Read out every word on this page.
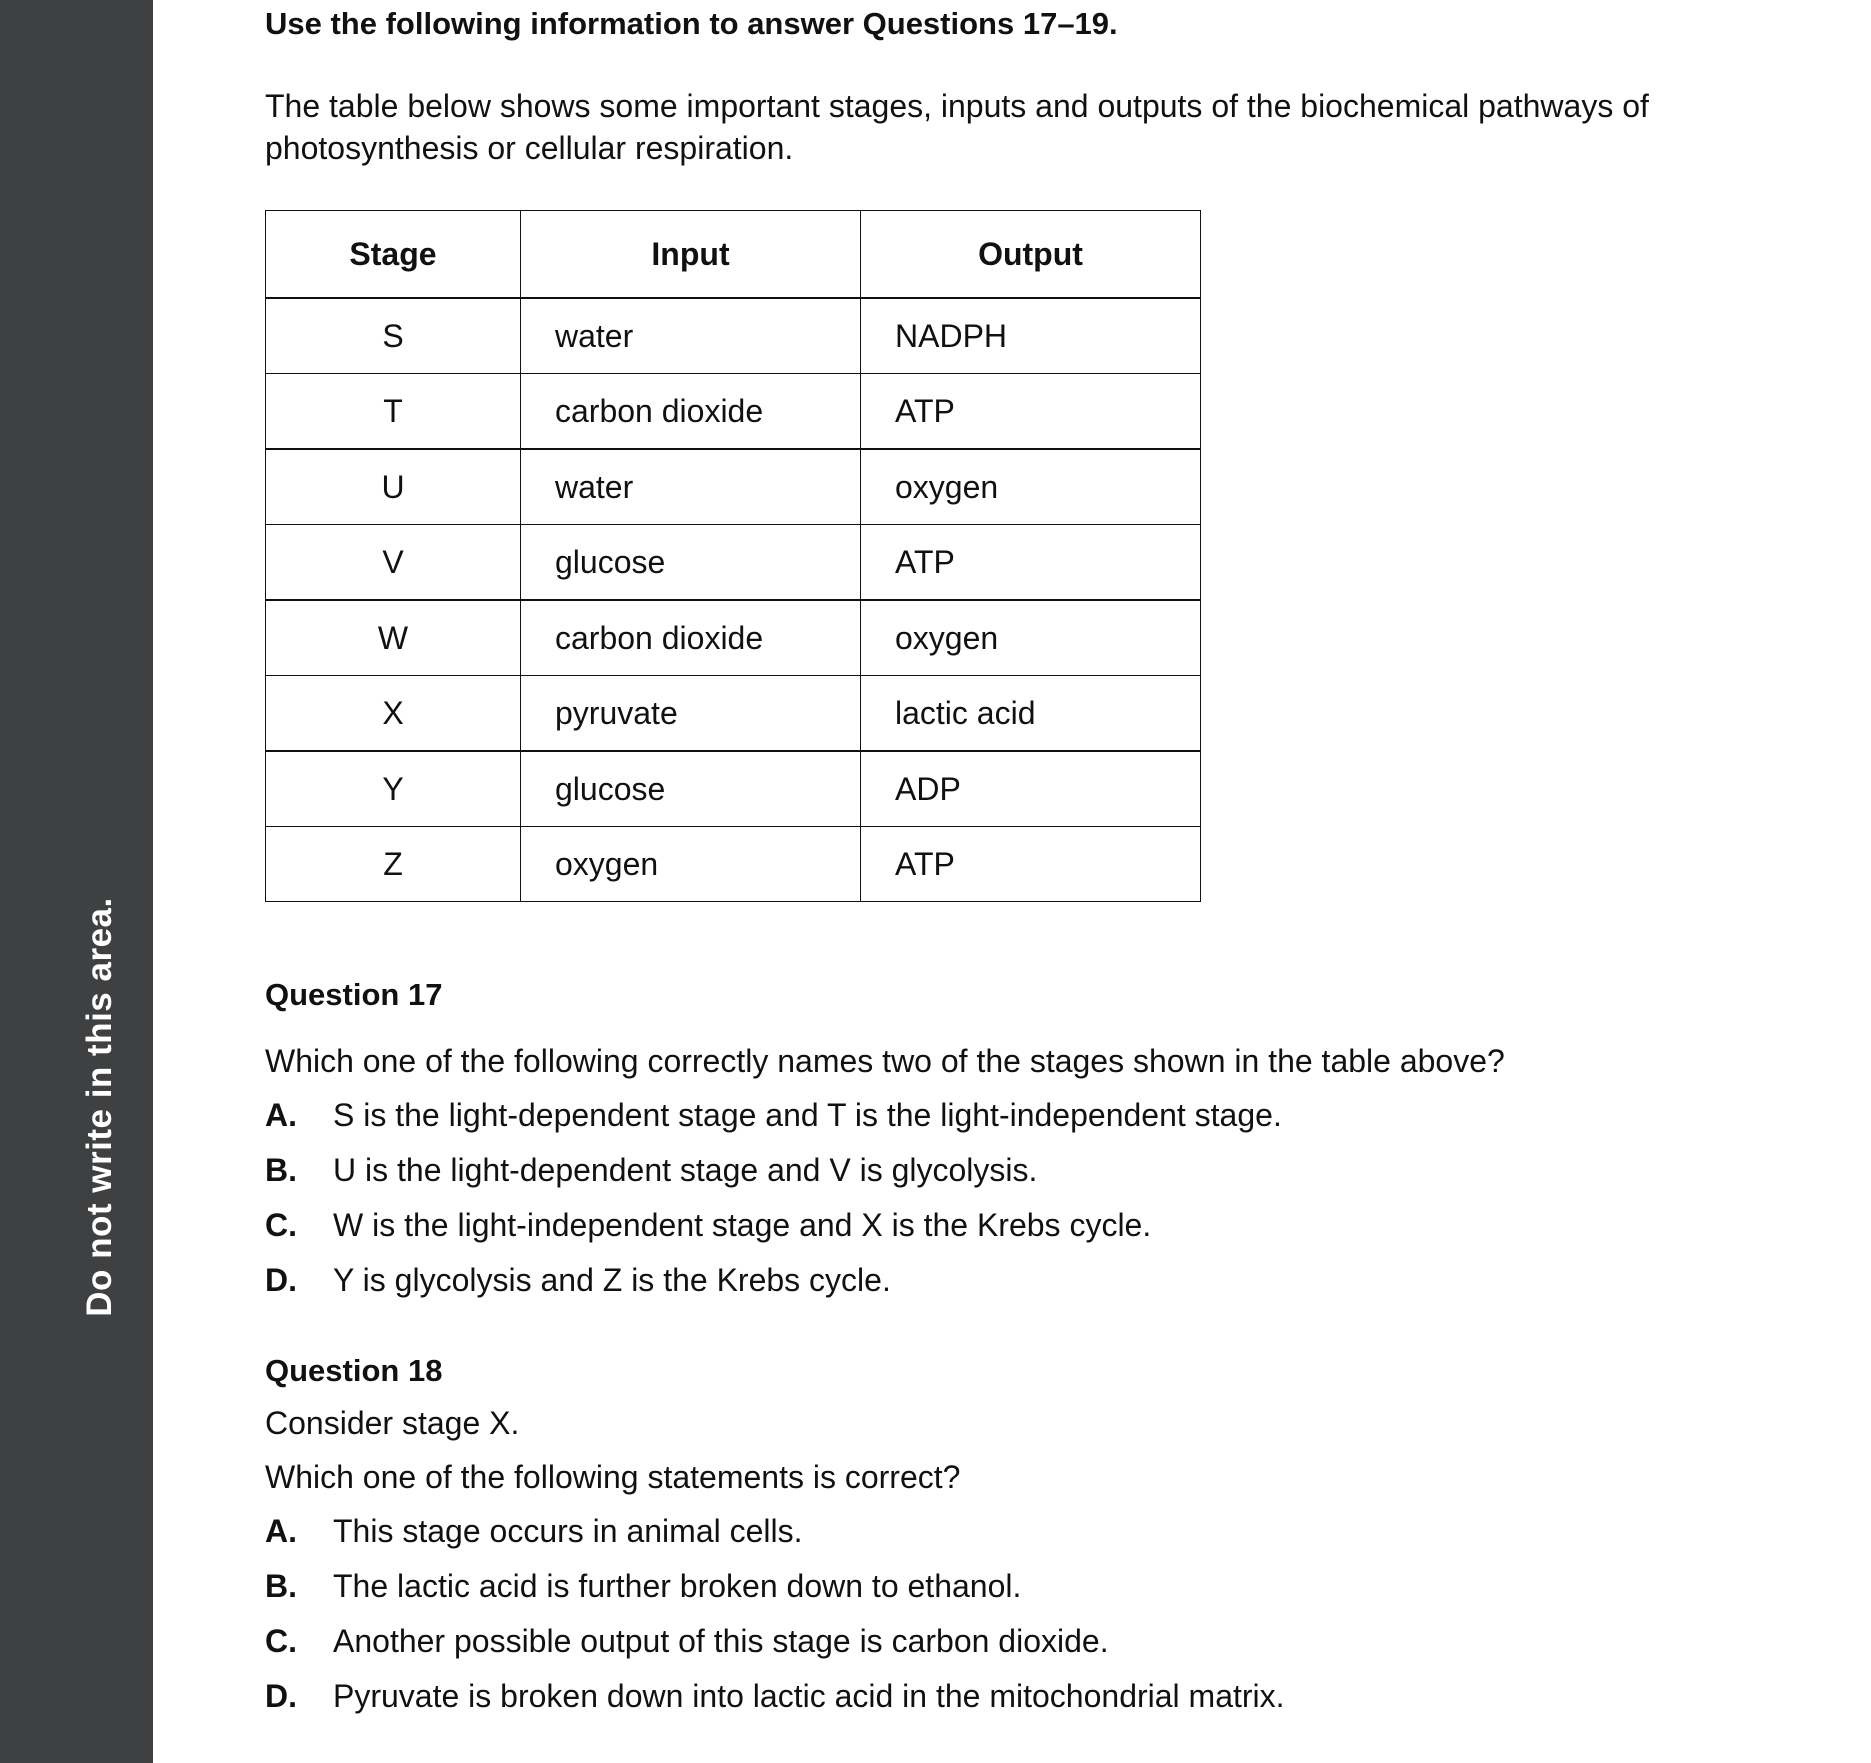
Do not write in this area.
Use the following information to answer Questions 17–19.
The table below shows some important stages, inputs and outputs of the biochemical pathways of photosynthesis or cellular respiration.
Stage	Input	Output
S	water	NADPH
T	carbon dioxide	ATP
U	water	oxygen
V	glucose	ATP
W	carbon dioxide	oxygen
X	pyruvate	lactic acid
Y	glucose	ADP
Z	oxygen	ATP
Question 17
Which one of the following correctly names two of the stages shown in the table above?
A.	S is the light-dependent stage and T is the light-independent stage.
B.	U is the light-dependent stage and V is glycolysis.
C.	W is the light-independent stage and X is the Krebs cycle.
D.	Y is glycolysis and Z is the Krebs cycle.
Question 18
Consider stage X.
Which one of the following statements is correct?
A.	This stage occurs in animal cells.
B.	The lactic acid is further broken down to ethanol.
C.	Another possible output of this stage is carbon dioxide.
D.	Pyruvate is broken down into lactic acid in the mitochondrial matrix.
